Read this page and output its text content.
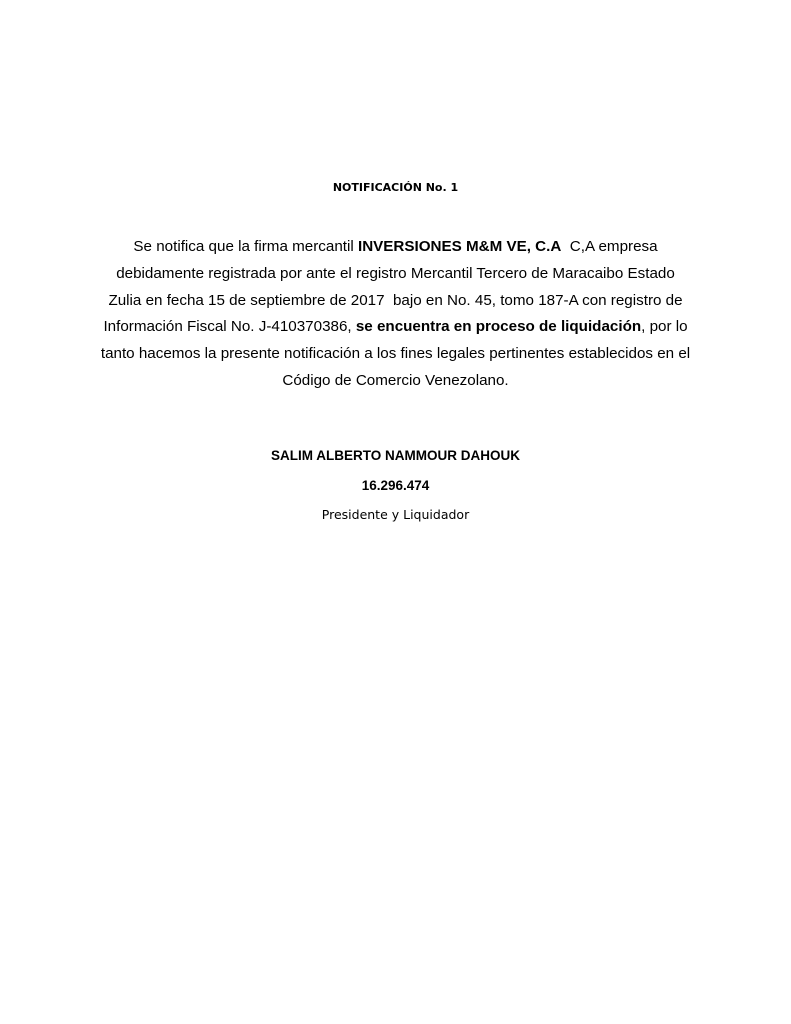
NOTIFICACIÓN No. 1
Se notifica que la firma mercantil INVERSIONES M&M VE, C.A  C,A empresa
debidamente registrada por ante el registro Mercantil Tercero de Maracaibo Estado
Zulia en fecha 15 de septiembre de 2017  bajo en No. 45, tomo 187-A con registro de
Información Fiscal No. J-410370386, se encuentra en proceso de liquidación, por lo
tanto hacemos la presente notificación a los fines legales pertinentes establecidos en el
Código de Comercio Venezolano.
SALIM ALBERTO NAMMOUR DAHOUK
16.296.474
Presidente y Liquidador
